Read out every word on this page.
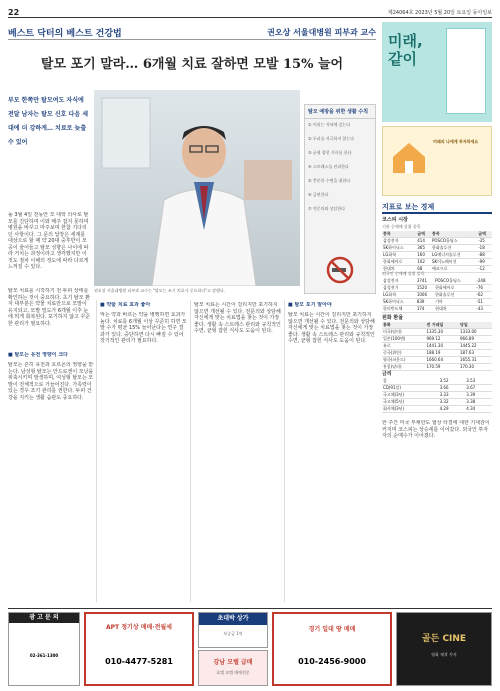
22	제24064호 2023년 5월 20일 토요일 동아일보
베스트 닥터의 베스트 건강법	권오상 서울대병원 피부과 교수
탈모 포기 말라… 6개월 치료 잘하면 모발 15% 늘어
부모 한쪽만 탈모여도 자식에 전달 남자는 탈모 신호 다음 세대에 더 강하게… 치료로 늦출 수 있어
권오상 서울대병원 피부과 교수는 "탈모는 조기 치료가 중요하다"고 말했다.
탈모 예방을 위한 생활 수칙
① 머리는 저녁에 감는다
② 두피를 자극하지 않는다
③ 균형 잡힌 식사를 한다
④ 스트레스를 관리한다
⑤ 충분한 수면을 취한다
⑥ 금연한다
⑦ 전문의와 상담한다
돌 3월 4일 전동안 모 대학 의사로 탈모를 진단하며 이와 매주 잡지 못하며 병원을 바꾸고 마주보며 한참 기다리던 사항이다. 그 문의 답장은 세계를 대상으로 할 때 약 20대 중후반이 모공이 줄어들고 탈모 성향은 나이에 따라 거치는 과정이라고 생각했지만 이것도 점차 이해의 정도에 따라 다르게 느껴질 수 있다.
탈모 치료를 시작하기 전 두피 상태를 확인하는 것이 중요하다. 초기 탈모 환자 대부분은 약물 치료만으로 모발이 유지되고, 모발 밀도가 6개월 이후 눈에 띄게 회복된다. 포기하지 않고 꾸준한 관리가 필요하다.
■ 탈모는 유전 영향이 크다
탈모는 흔히 유전과 호르몬의 영향을 받는다. 남성형 탈모는 안드로겐이 모낭을 위축시키며 발생하며, 여성형 탈모는 모발이 전체적으로 가늘어진다. 가족력이 있는 경우 조기 관리를 권한다. 두피 건강을 지키는 생활 습관도 중요하다.
■ 약물 치료 효과 좋아
먹는 약과 바르는 약을 병행하면 효과가 높다. 치료를 6개월 이상 꾸준히 하면 모발 수가 평균 15% 늘어난다는 연구 결과가 있다. 중단하면 다시 빠질 수 있어 장기적인 관리가 필요하다.
탈모 치료는 시간이 걸리지만 포기하지 않으면 개선될 수 있다. 전문의와 상담해 자신에게 맞는 치료법을 찾는 것이 가장 좋다. 생활 속 스트레스 관리와 규칙적인 수면, 균형 잡힌 식사도 도움이 된다.
■ 탈모 포기 말아야
탈모 치료는 시간이 걸리지만 포기하지 않으면 개선될 수 있다. 전문의와 상담해 자신에게 맞는 치료법을 찾는 것이 가장 좋다. 생활 속 스트레스 관리와 규칙적인 수면, 균형 잡힌 식사도 도움이 된다.
미래,
같이
미래의 나에게 투자하세요
지표로 보는 경제
코스피 시장
기관 순매매 상위 종목
종목	금액	종목	금액
삼성전자	414	POSCO홀딩스	-35
SK하이닉스	365	한화솔루션	-18
LG화학	160	LG에너지솔루션	-88
한화에어로	102	SK이노베이션	-99
현대차	68	에코프로	-12
외국인 순매매 상위 종목
삼성전자	3741	POSCO홀딩스	-248
삼성전기	1520	한화에어로	-76
LG화학	1006	한화솔루션	-62
SK하이닉스	839	기아	-51
한미반도체	174	현대차	-43
원화 환율
통화	전 거래일	당일
미국(달러)	1335.30	1333.00
일본(100엔)	969.12	966.89
유로	1441.30	1445.22
중국(위안)	188.19	187.63
영국(파운드)	1660.64	1655.31
홍콩(달러)	170.59	170.30
금리
콜	3.52	3.53
CD(91일)	3.66	3.67
국고채(3년)	3.33	3.39
국고채(5년)	3.32	3.38
회사채(3년)	4.29	4.34
한 주간 미국 부채한도 협상 타결에 대한 기대감이 커지며 코스피는 상승세를 이어갔다. 외국인 투자자의 순매수가 이어졌다.
광 고 문 의
02-361-1300
APT 정기상 매매·전월세
010-4477-5281
초대박 상가
보증금 1억
강남 모텔 급매
호텔 모텔 매매전문
경기 일대 땅 매매
010-2456-9000
골든 CINE
영화 제작 투자
